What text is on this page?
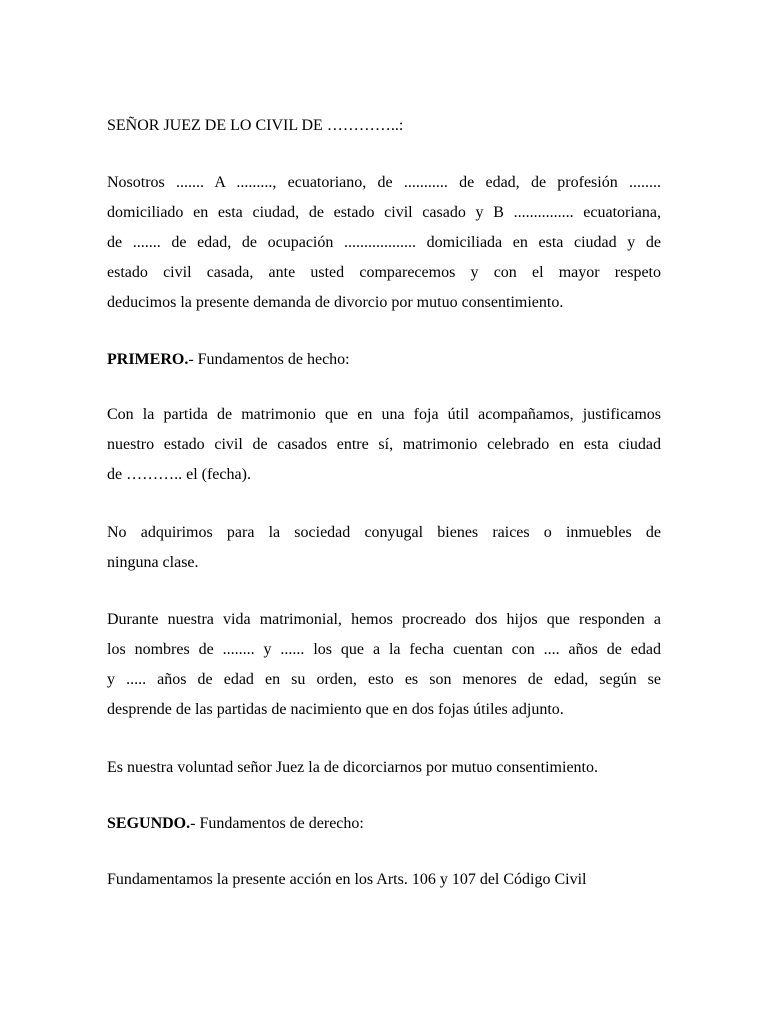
SEÑOR JUEZ DE LO CIVIL DE …………..:

Nosotros ....... A ........., ecuatoriano, de ........... de edad, de profesión ........
domiciliado en esta ciudad, de estado civil casado y B ............... ecuatoriana,
de ....... de edad, de ocupación .................. domiciliada en esta ciudad y de
estado civil casada, ante usted comparecemos y con el mayor respeto
deducimos la presente demanda de divorcio por mutuo consentimiento.

PRIMERO.- Fundamentos de hecho:

Con la partida de matrimonio que en una foja útil acompañamos, justificamos
nuestro estado civil de casados entre sí, matrimonio celebrado en esta ciudad
de ……….. el (fecha).
No adquirimos para la sociedad conyugal bienes raices o inmuebles de
ninguna clase.
Durante nuestra vida matrimonial, hemos procreado dos hijos que responden a
los nombres de ........ y ...... los que a la fecha cuentan con .... años de edad
y ..... años de edad en su orden, esto es son menores de edad, según se
desprende de las partidas de nacimiento que en dos fojas útiles adjunto.

Es nuestra voluntad señor Juez la de dicorciarnos por mutuo consentimiento.

SEGUNDO.- Fundamentos de derecho:

Fundamentamos la presente acción en los Arts. 106 y 107 del Código Civil
